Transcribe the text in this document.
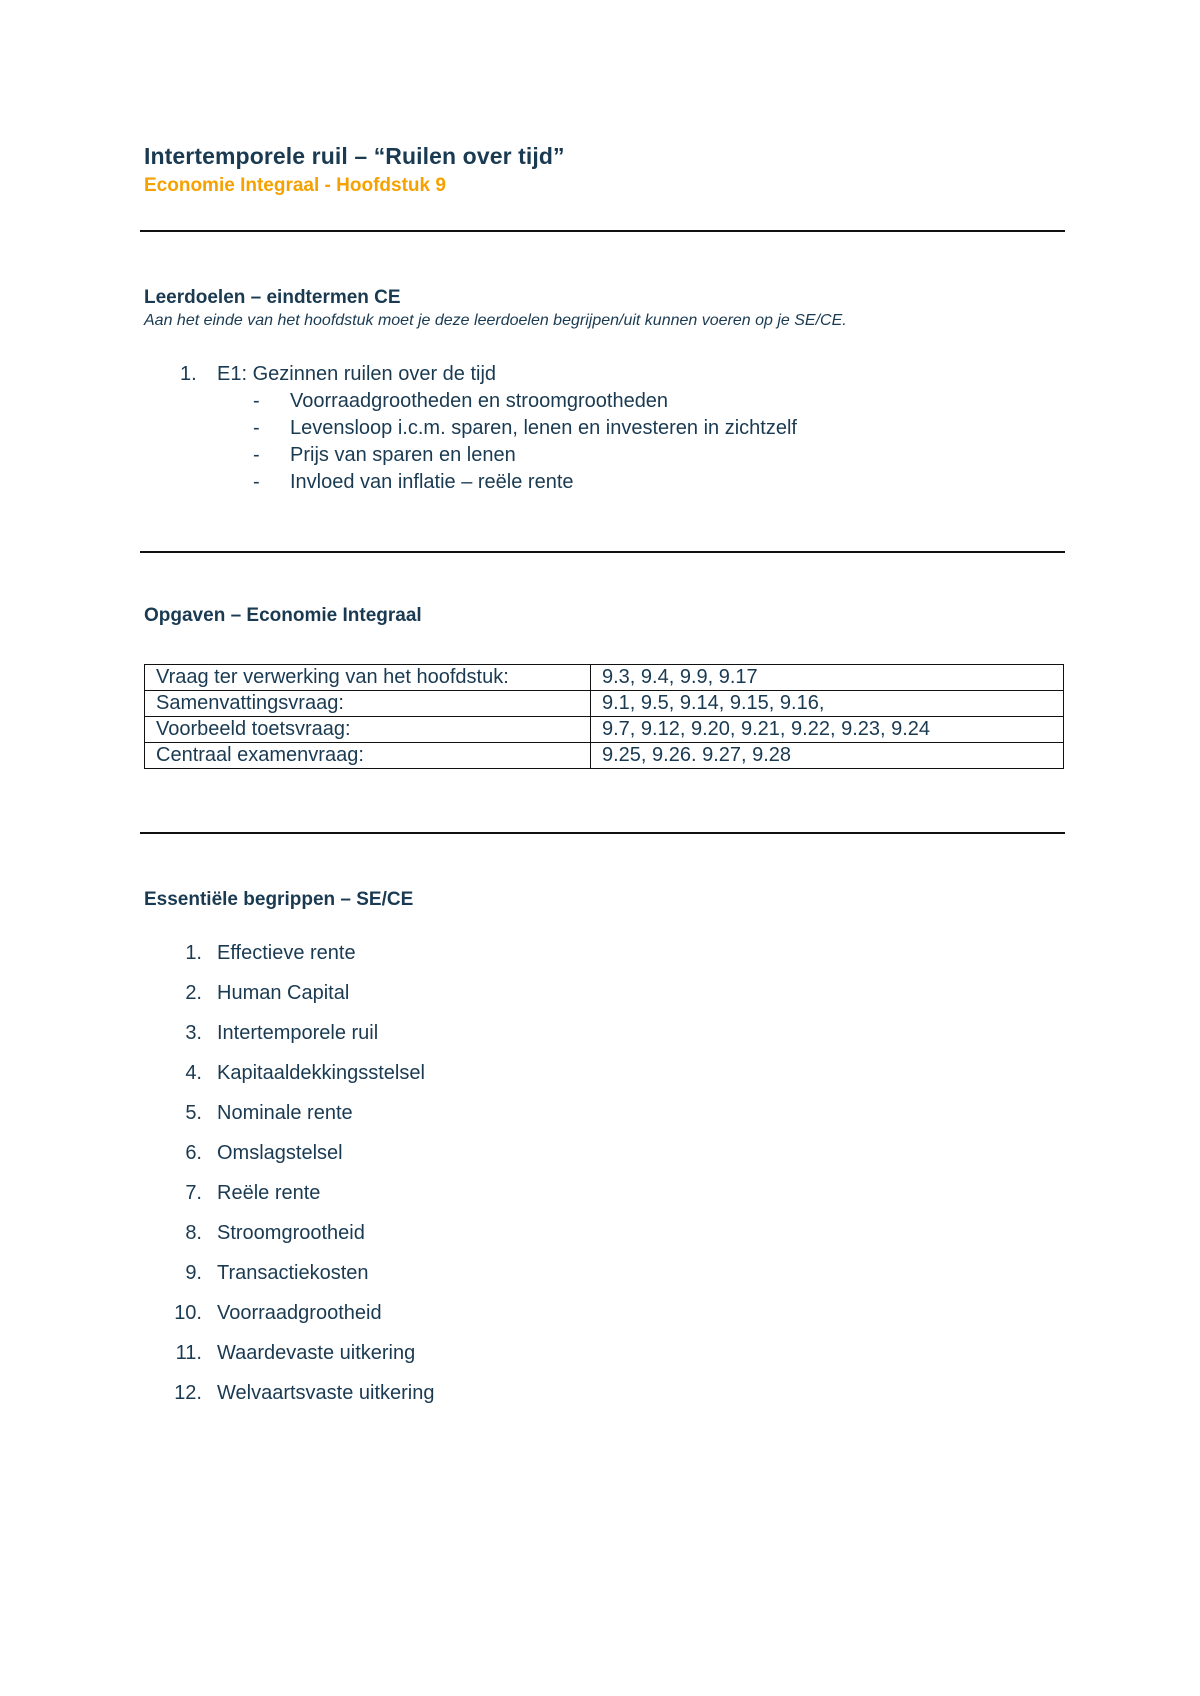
Intertemporele ruil – “Ruilen over tijd”
Economie Integraal - Hoofdstuk 9
Leerdoelen – eindtermen CE

Aan het einde van het hoofdstuk moet je deze leerdoelen begrijpen/uit kunnen voeren op je SE/CE.

1. E1: Gezinnen ruilen over de tijd
- Voorraadgrootheden en stroomgrootheden
- Levensloop i.c.m. sparen, lenen en investeren in zichtzelf
- Prijs van sparen en lenen
- Invloed van inflatie – reële rente
Opgaven – Economie Integraal
Vraag ter verwerking van het hoofdstuk:	9.3, 9.4, 9.9, 9.17
Samenvattingsvraag:	9.1, 9.5, 9.14, 9.15, 9.16,
Voorbeeld toetsvraag:	9.7, 9.12, 9.20, 9.21, 9.22, 9.23, 9.24
Centraal examenvraag:	9.25, 9.26. 9.27, 9.28
Essentiële begrippen – SE/CE
1. Effectieve rente
2. Human Capital
3. Intertemporele ruil
4. Kapitaaldekkingsstelsel
5. Nominale rente
6. Omslagstelsel
7. Reële rente
8. Stroomgrootheid
9. Transactiekosten
10. Voorraadgrootheid
11. Waardevaste uitkering
12. Welvaartsvaste uitkering
